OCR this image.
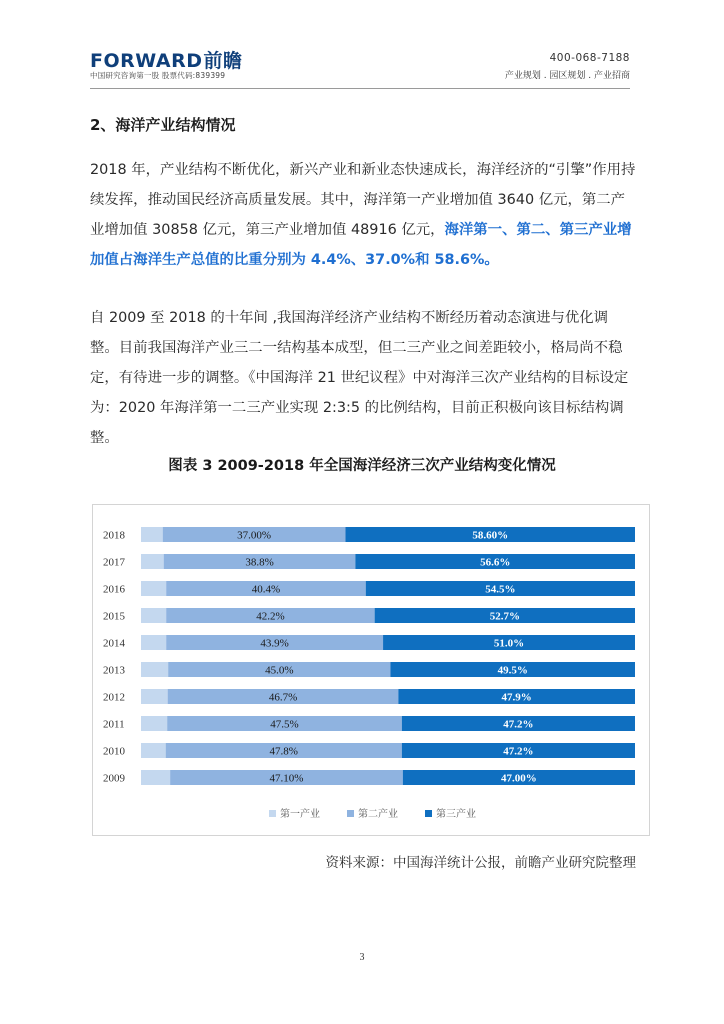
FORWARD前瞻
中国研究咨询第一股 股票代码:839399
400-068-7188
产业规划 . 园区规划 . 产业招商
2、海洋产业结构情况
2018 年，产业结构不断优化，新兴产业和新业态快速成长，海洋经济的“引擎”作用持续发挥，推动国民经济高质量发展。其中，海洋第一产业增加值 3640 亿元，第二产业增加值 30858 亿元，第三产业增加值 48916 亿元，海洋第一、第二、第三产业增加值占海洋生产总值的比重分别为 4.4%、37.0%和 58.6%。
自 2009 至 2018 的十年间 ,我国海洋经济产业结构不断经历着动态演进与优化调整。目前我国海洋产业三二一结构基本成型，但二三产业之间差距较小，格局尚不稳定，有待进一步的调整。《中国海洋 21 世纪议程》中对海洋三次产业结构的目标设定为：2020 年海洋第一二三产业实现 2:3:5 的比例结构，目前正积极向该目标结构调整。
图表 3 2009-2018 年全国海洋经济三次产业结构变化情况
2018	37.00%	58.60%
2017	38.8%	56.6%
2016	40.4%	54.5%
2015	42.2%	52.7%
2014	43.9%	51.0%
2013	45.0%	49.5%
2012	46.7%	47.9%
2011	47.5%	47.2%
2010	47.8%	47.2%
2009	47.10%	47.00%
第一产业	第二产业	第三产业
资料来源：中国海洋统计公报，前瞻产业研究院整理
3
